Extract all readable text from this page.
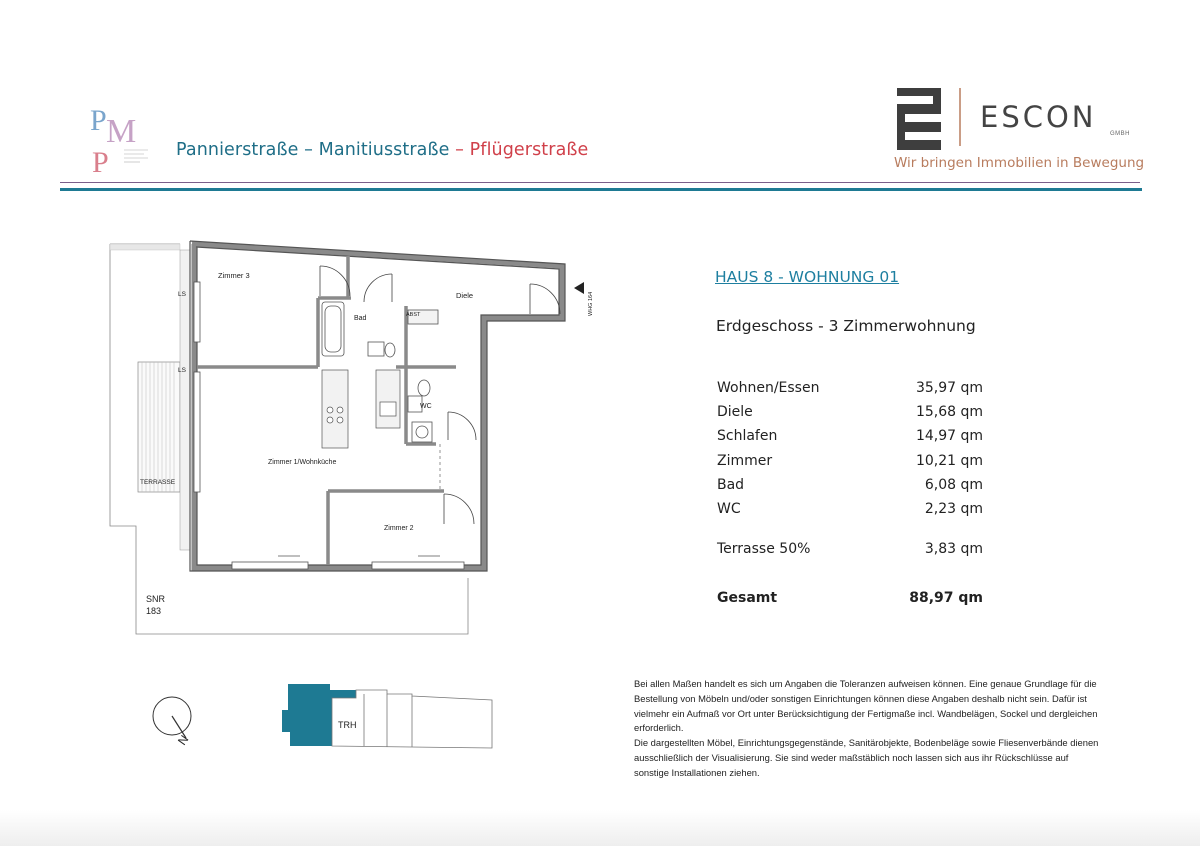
P M
P	Pannierstraße – Manitiusstraße – Pflügerstraße
ESCON GMBH
Wir bringen Immobilien in Bewegung
Zimmer 3
Diele
Bad	ABST
WC
Zimmer 1/Wohnküche
Zimmer 2
TERRASSE
LS
LS
WHG 164
SNR
183
HAUS 8 - WOHNUNG 01
Erdgeschoss - 3 Zimmerwohnung
Wohnen/Essen	35,97 qm
Diele	15,68 qm
Schlafen	14,97 qm
Zimmer	10,21 qm
Bad	6,08 qm
WC	2,23 qm
Terrasse 50%	3,83 qm
Gesamt	88,97 qm
N
TRH

Bei allen Maßen handelt es sich um Angaben die Toleranzen aufweisen können. Eine genaue Grundlage für die Bestellung von Möbeln und/oder sonstigen Einrichtungen können diese Angaben deshalb nicht sein. Dafür ist vielmehr ein Aufmaß vor Ort unter Berücksichtigung der Fertigmaße incl. Wandbelägen, Sockel und dergleichen erforderlich.

Die dargestellten Möbel, Einrichtungsgegenstände, Sanitärobjekte, Bodenbeläge sowie Fliesenverbände dienen ausschließlich der Visualisierung. Sie sind weder maßstäblich noch lassen sich aus ihr Rückschlüsse auf sonstige Installationen ziehen.
